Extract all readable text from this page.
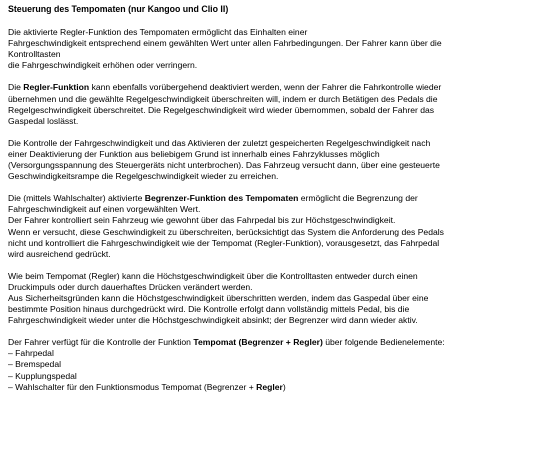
Steuerung des Tempomaten (nur Kangoo und Clio II)
Die aktivierte Regler-Funktion des Tempomaten ermöglicht das Einhalten einer
Fahrgeschwindigkeit entsprechend einem gewählten Wert unter allen Fahrbedingungen. Der Fahrer kann über die
Kontrolltasten
die Fahrgeschwindigkeit erhöhen oder verringern.
Die Regler-Funktion kann ebenfalls vorübergehend deaktiviert werden, wenn der Fahrer die Fahrkontrolle wieder
übernehmen und die gewählte Regelgeschwindigkeit überschreiten will, indem er durch Betätigen des Pedals die
Regelgeschwindigkeit überschreitet. Die Regelgeschwindigkeit wird wieder übernommen, sobald der Fahrer das
Gaspedal loslässt.
Die Kontrolle der Fahrgeschwindigkeit und das Aktivieren der zuletzt gespeicherten Regelgeschwindigkeit nach
einer Deaktivierung der Funktion aus beliebigem Grund ist innerhalb eines Fahrzyklusses möglich
(Versorgungsspannung des Steuergeräts nicht unterbrochen). Das Fahrzeug versucht dann, über eine gesteuerte
Geschwindigkeitsrampe die Regelgeschwindigkeit wieder zu erreichen.
Die (mittels Wahlschalter) aktivierte Begrenzer-Funktion des Tempomaten ermöglicht die Begrenzung der
Fahrgeschwindigkeit auf einen vorgewählten Wert.
Der Fahrer kontrolliert sein Fahrzeug wie gewohnt über das Fahrpedal bis zur Höchstgeschwindigkeit.
Wenn er versucht, diese Geschwindigkeit zu überschreiten, berücksichtigt das System die Anforderung des Pedals
nicht und kontrolliert die Fahrgeschwindigkeit wie der Tempomat (Regler-Funktion), vorausgesetzt, das Fahrpedal
wird ausreichend gedrückt.
Wie beim Tempomat (Regler) kann die Höchstgeschwindigkeit über die Kontrolltasten entweder durch einen
Druckimpuls oder durch dauerhaftes Drücken verändert werden.
Aus Sicherheitsgründen kann die Höchstgeschwindigkeit überschritten werden, indem das Gaspedal über eine
bestimmte Position hinaus durchgedrückt wird. Die Kontrolle erfolgt dann vollständig mittels Pedal, bis die
Fahrgeschwindigkeit wieder unter die Höchstgeschwindigkeit absinkt; der Begrenzer wird dann wieder aktiv.
Der Fahrer verfügt für die Kontrolle der Funktion Tempomat (Begrenzer + Regler) über folgende Bedienelemente:
– Fahrpedal
– Bremspedal
– Kupplungspedal
– Wahlschalter für den Funktionsmodus Tempomat (Begrenzer + Regler)
